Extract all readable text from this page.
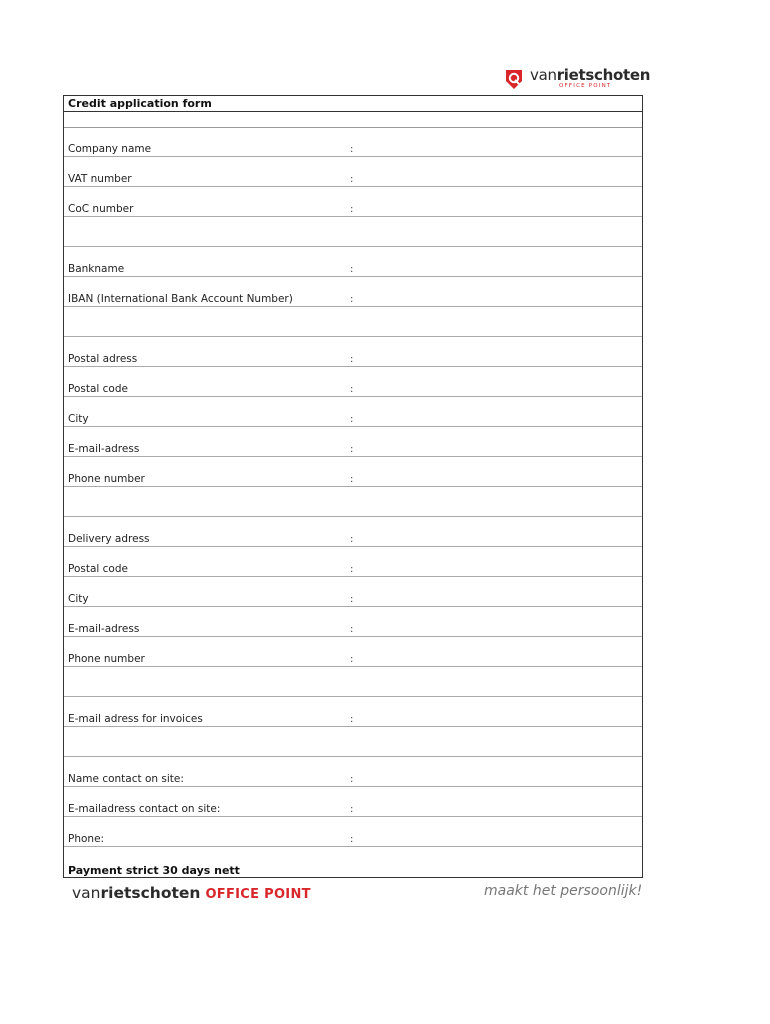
vanrietschoten
OFFICE POINT
Credit application form
Company name	:
VAT number	:
CoC number	:
Bankname	:
IBAN (International Bank Account Number)	:
Postal adress	:
Postal code	:
City	:
E-mail-adress	:
Phone number	:
Delivery adress	:
Postal code	:
City	:
E-mail-adress	:
Phone number	:
E-mail adress for invoices	:
Name contact on site:	:
E-mailadress contact on site:	:
Phone:	:
Payment strict 30 days nett
vanrietschoten OFFICE POINT	maakt het persoonlijk!
